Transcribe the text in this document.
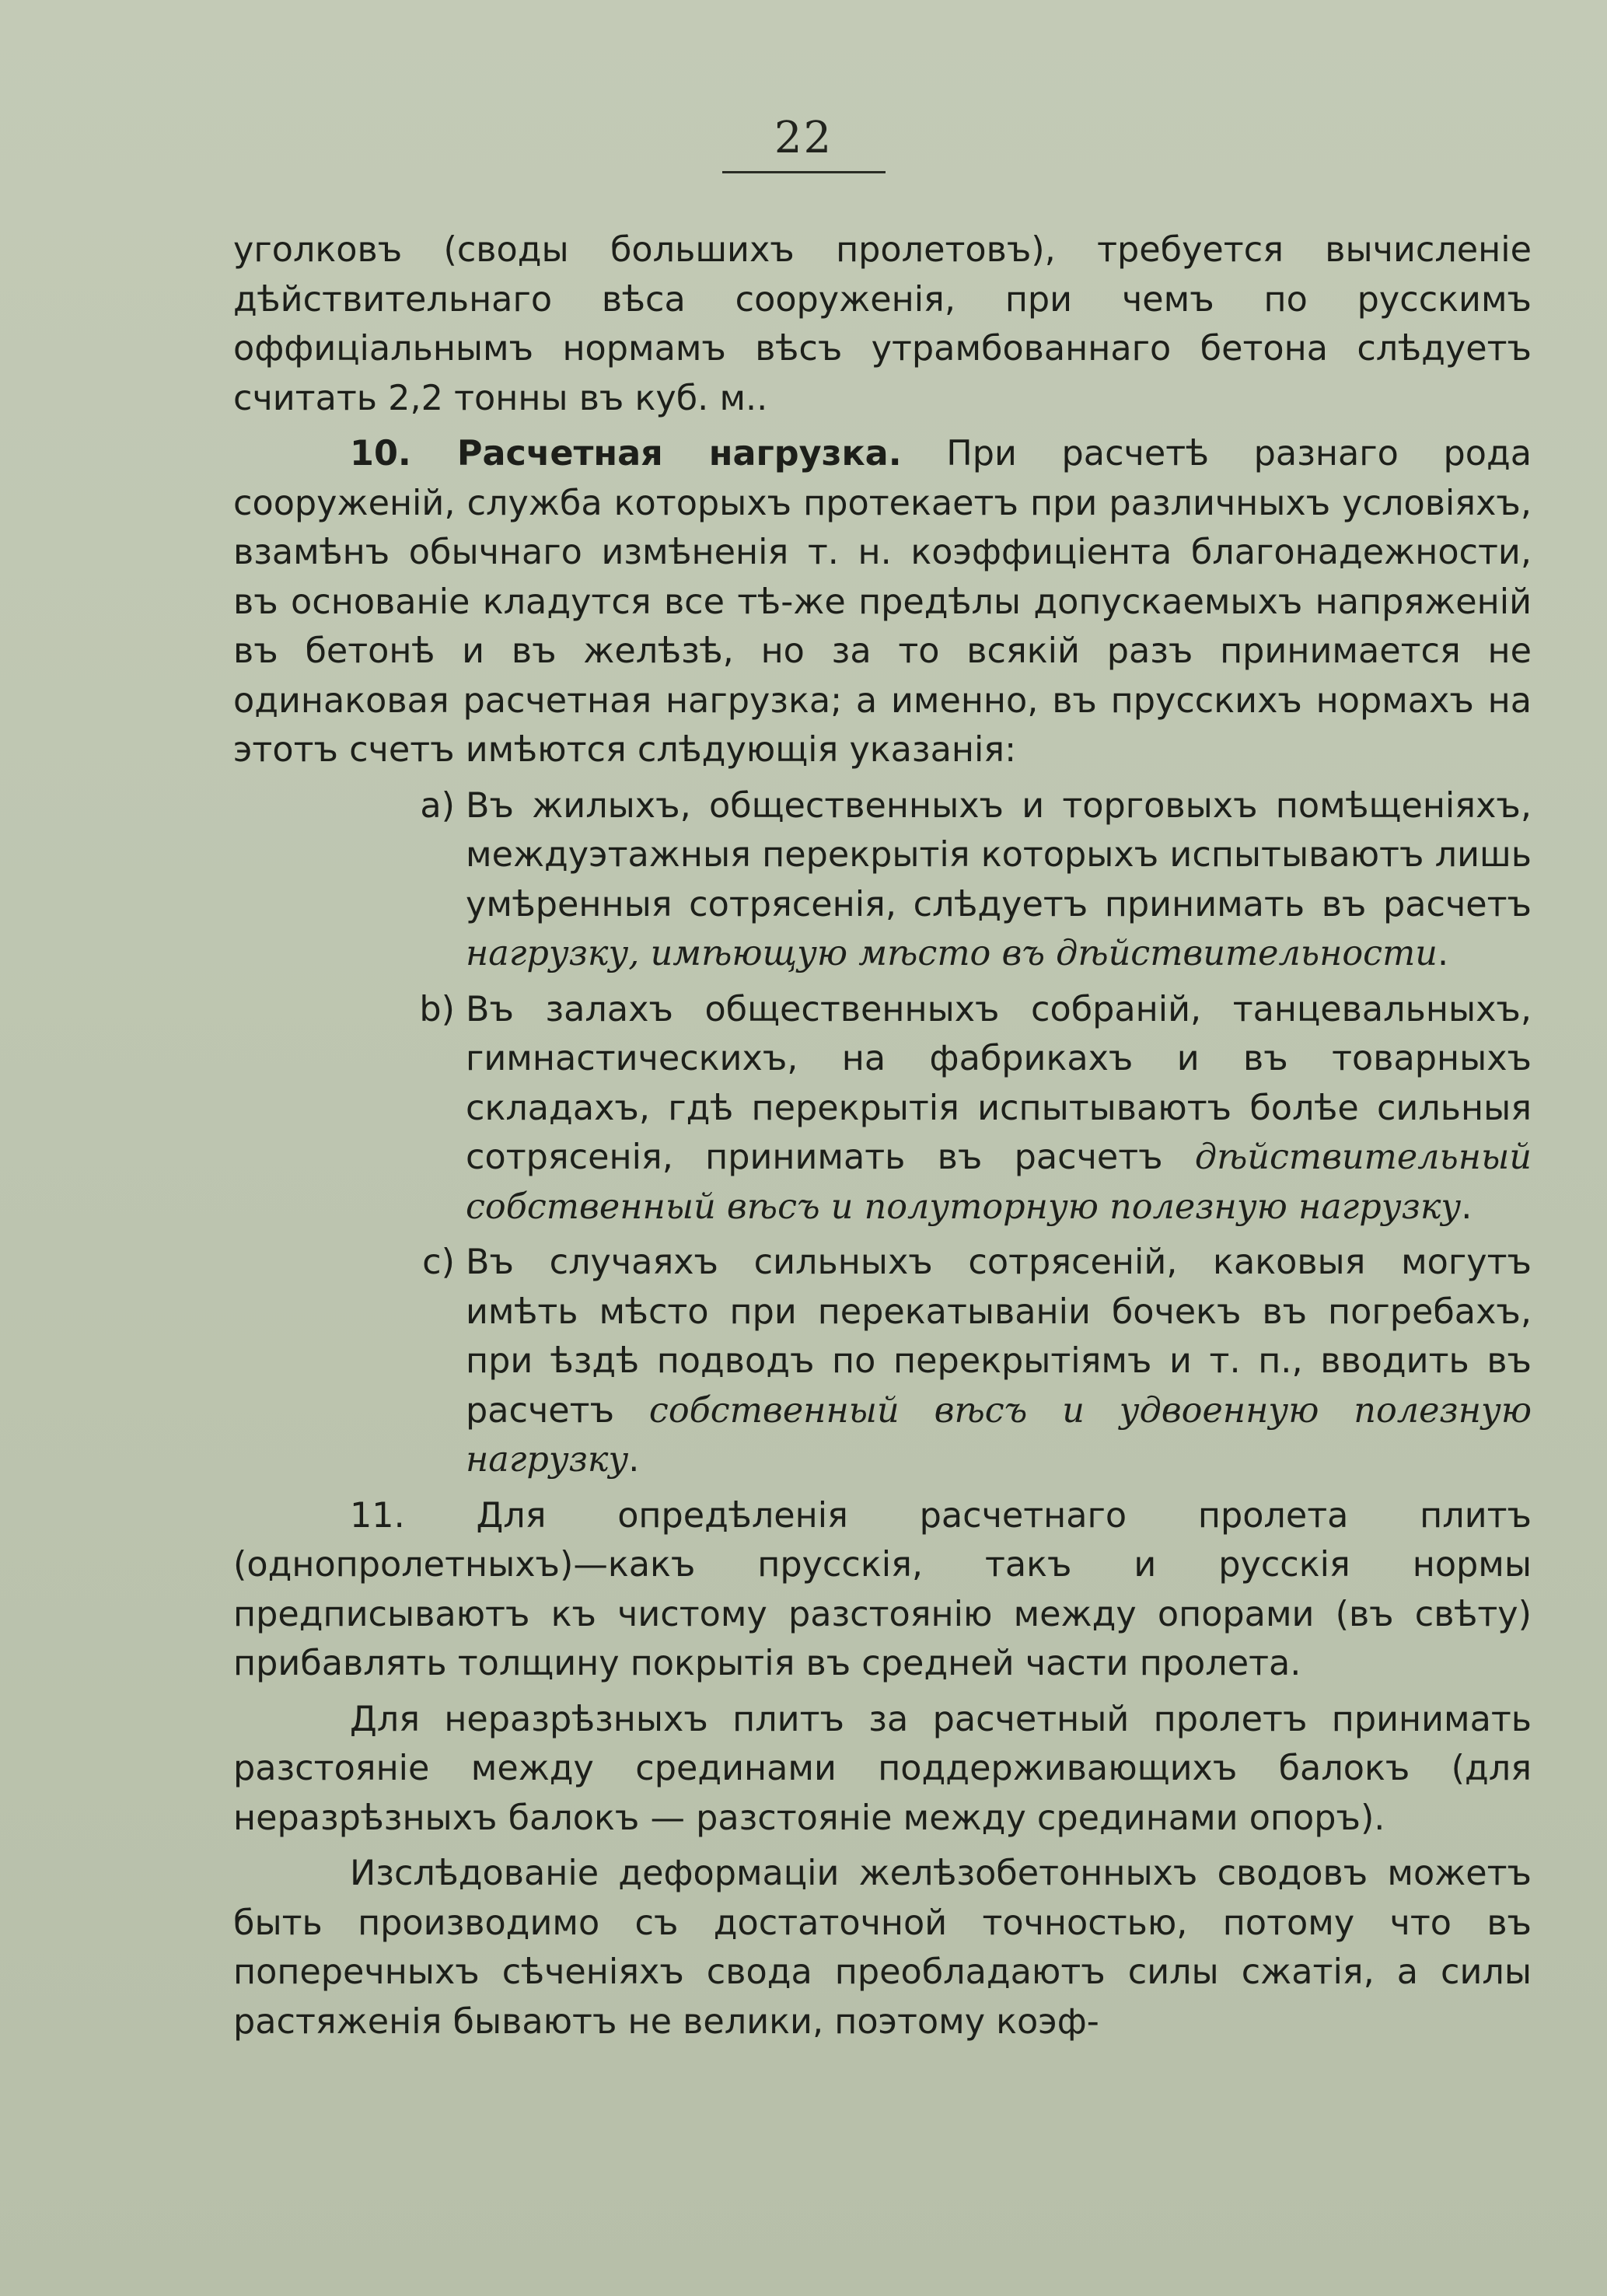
22

уголковъ (своды большихъ пролетовъ), требуется вычисленіе дѣйствительнаго вѣса сооруженія, при чемъ по русскимъ оффиціальнымъ нормамъ вѣсъ утрамбованнаго бетона слѣдуетъ считать 2,2 тонны въ куб. м..

10. Расчетная нагрузка. При расчетѣ разнаго рода сооруженій, служба которыхъ протекаетъ при различныхъ условіяхъ, взамѣнъ обычнаго измѣненія т. н. коэффиціента благонадежности, въ основаніе кладутся все тѣ-же предѣлы допускаемыхъ напряженій въ бетонѣ и въ желѣзѣ, но за то всякій разъ принимается не одинаковая расчетная нагрузка; а именно, въ прусскихъ нормахъ на этотъ счетъ имѣются слѣдующія указанія:

a) Въ жилыхъ, общественныхъ и торговыхъ помѣщеніяхъ, междуэтажныя перекрытія которыхъ испытываютъ лишь умѣренныя сотрясенія, слѣдуетъ принимать въ расчетъ нагрузку, имѣющую мѣсто въ дѣйствительности.
b) Въ залахъ общественныхъ собраній, танцевальныхъ, гимнастическихъ, на фабрикахъ и въ товарныхъ складахъ, гдѣ перекрытія испытываютъ болѣе сильныя сотрясенія, принимать въ расчетъ дѣйствительный собственный вѣсъ и полуторную полезную нагрузку.
c) Въ случаяхъ сильныхъ сотрясеній, каковыя могутъ имѣть мѣсто при перекатываніи бочекъ въ погребахъ, при ѣздѣ подводъ по перекрытіямъ и т. п., вводить въ расчетъ собственный вѣсъ и удвоенную полезную нагрузку.

11. Для опредѣленія расчетнаго пролета плитъ (однопролетныхъ)—какъ прусскія, такъ и русскія нормы предписываютъ къ чистому разстоянію между опорами (въ свѣту) прибавлять толщину покрытія въ средней части пролета.

Для неразрѣзныхъ плитъ за расчетный пролетъ принимать разстояніе между срединами поддерживающихъ балокъ (для неразрѣзныхъ балокъ — разстояніе между срединами опоръ).

Изслѣдованіе деформаціи желѣзобетонныхъ сводовъ можетъ быть производимо съ достаточной точностью, потому что въ поперечныхъ сѣченіяхъ свода преобладаютъ силы сжатія, а силы растяженія бываютъ не велики, поэтому коэф-
